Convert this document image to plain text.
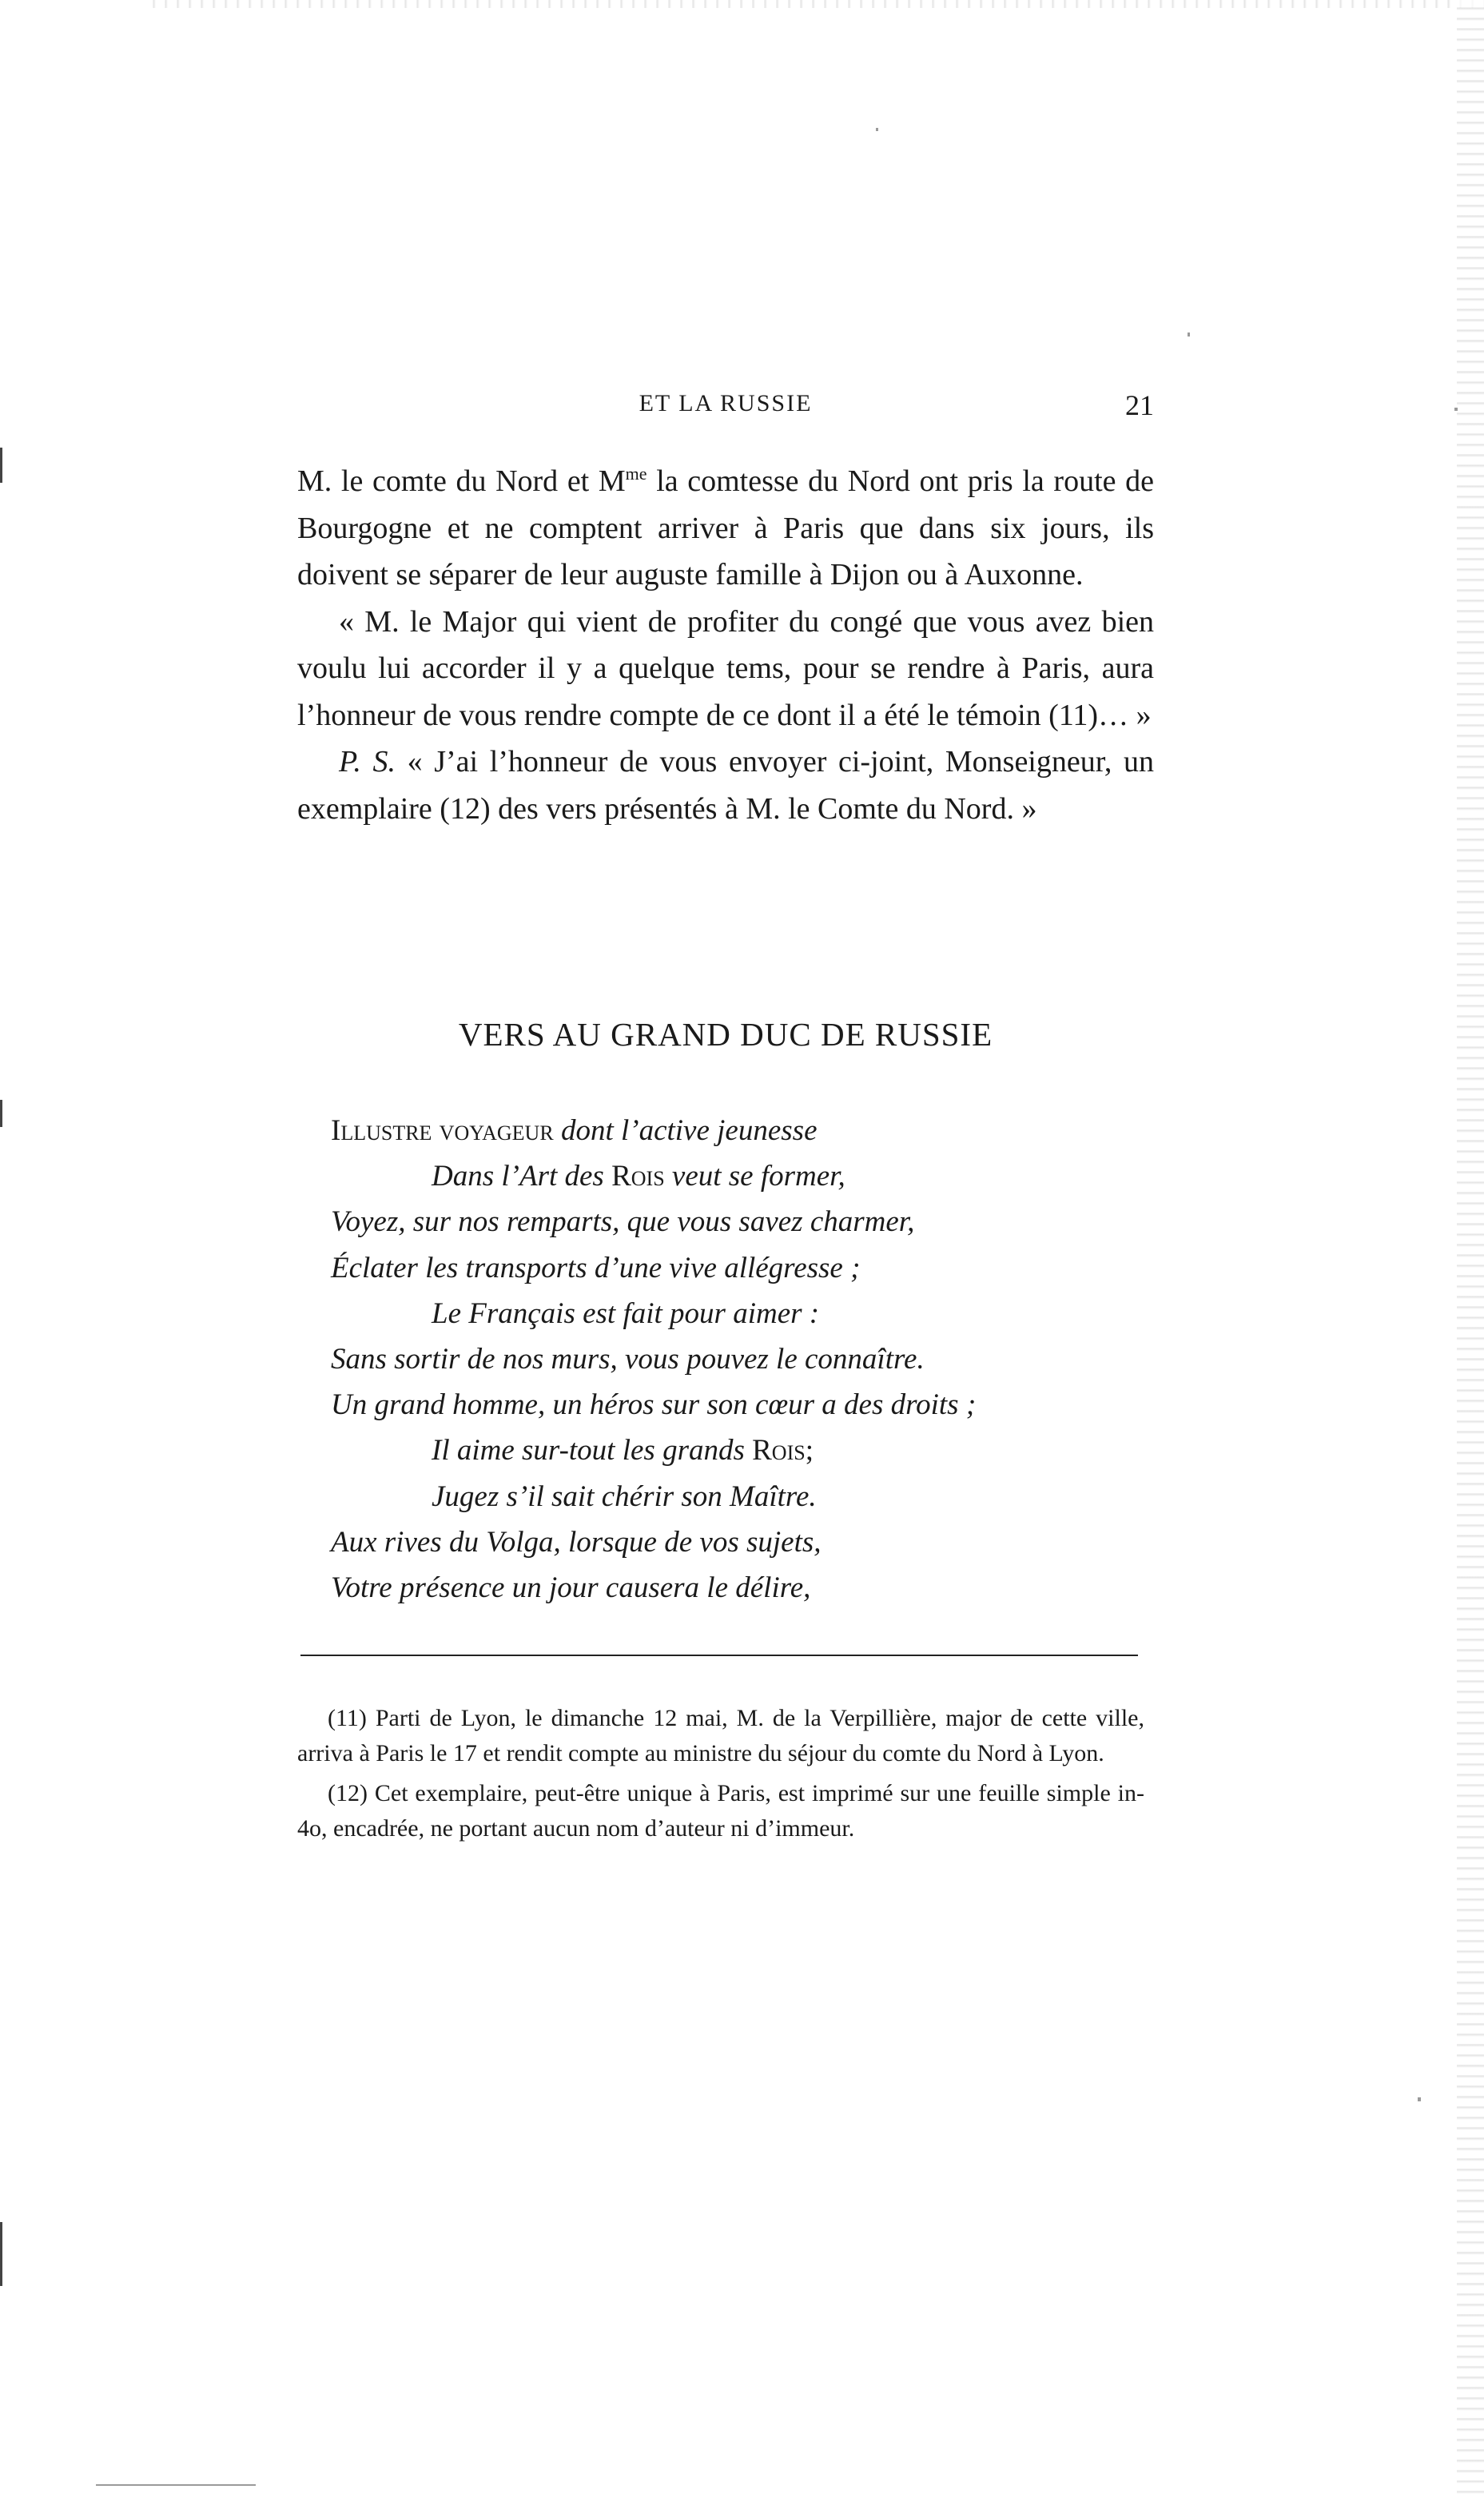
ET LA RUSSIE	21

M. le comte du Nord et $M^{me}$ la comtesse du Nord ont pris la route de Bourgogne et ne comptent arriver à Paris que dans six jours, ils doivent se séparer de leur auguste famille à Dijon ou à Auxonne.

« M. le Major qui vient de profiter du congé que vous avez bien voulu lui accorder il y a quelque tems, pour se rendre à Paris, aura l’honneur de vous rendre compte de ce dont il a été le témoin (11)… »

P. S. « J’ai l’honneur de vous envoyer ci-joint, Monseigneur, un exemplaire (12) des vers présentés à M. le Comte du Nord. »

VERS AU GRAND DUC DE RUSSIE
Illustre voyageur dont l’active jeunesse
Dans l’Art des Rois veut se former,
Voyez, sur nos remparts, que vous savez charmer,
Éclater les transports d’une vive allégresse ;
Le Français est fait pour aimer :
Sans sortir de nos murs, vous pouvez le connaître.
Un grand homme, un héros sur son cœur a des droits ;
Il aime sur-tout les grands Rois;
Jugez s’il sait chérir son Maître.
Aux rives du Volga, lorsque de vos sujets,
Votre présence un jour causera le délire,

(11) Parti de Lyon, le dimanche 12 mai, M. de la Verpillière, major de cette ville, arriva à Paris le 17 et rendit compte au ministre du séjour du comte du Nord à Lyon.

(12) Cet exemplaire, peut-être unique à Paris, est imprimé sur une feuille simple in-4o, encadrée, ne portant aucun nom d’auteur ni d’immeur.
